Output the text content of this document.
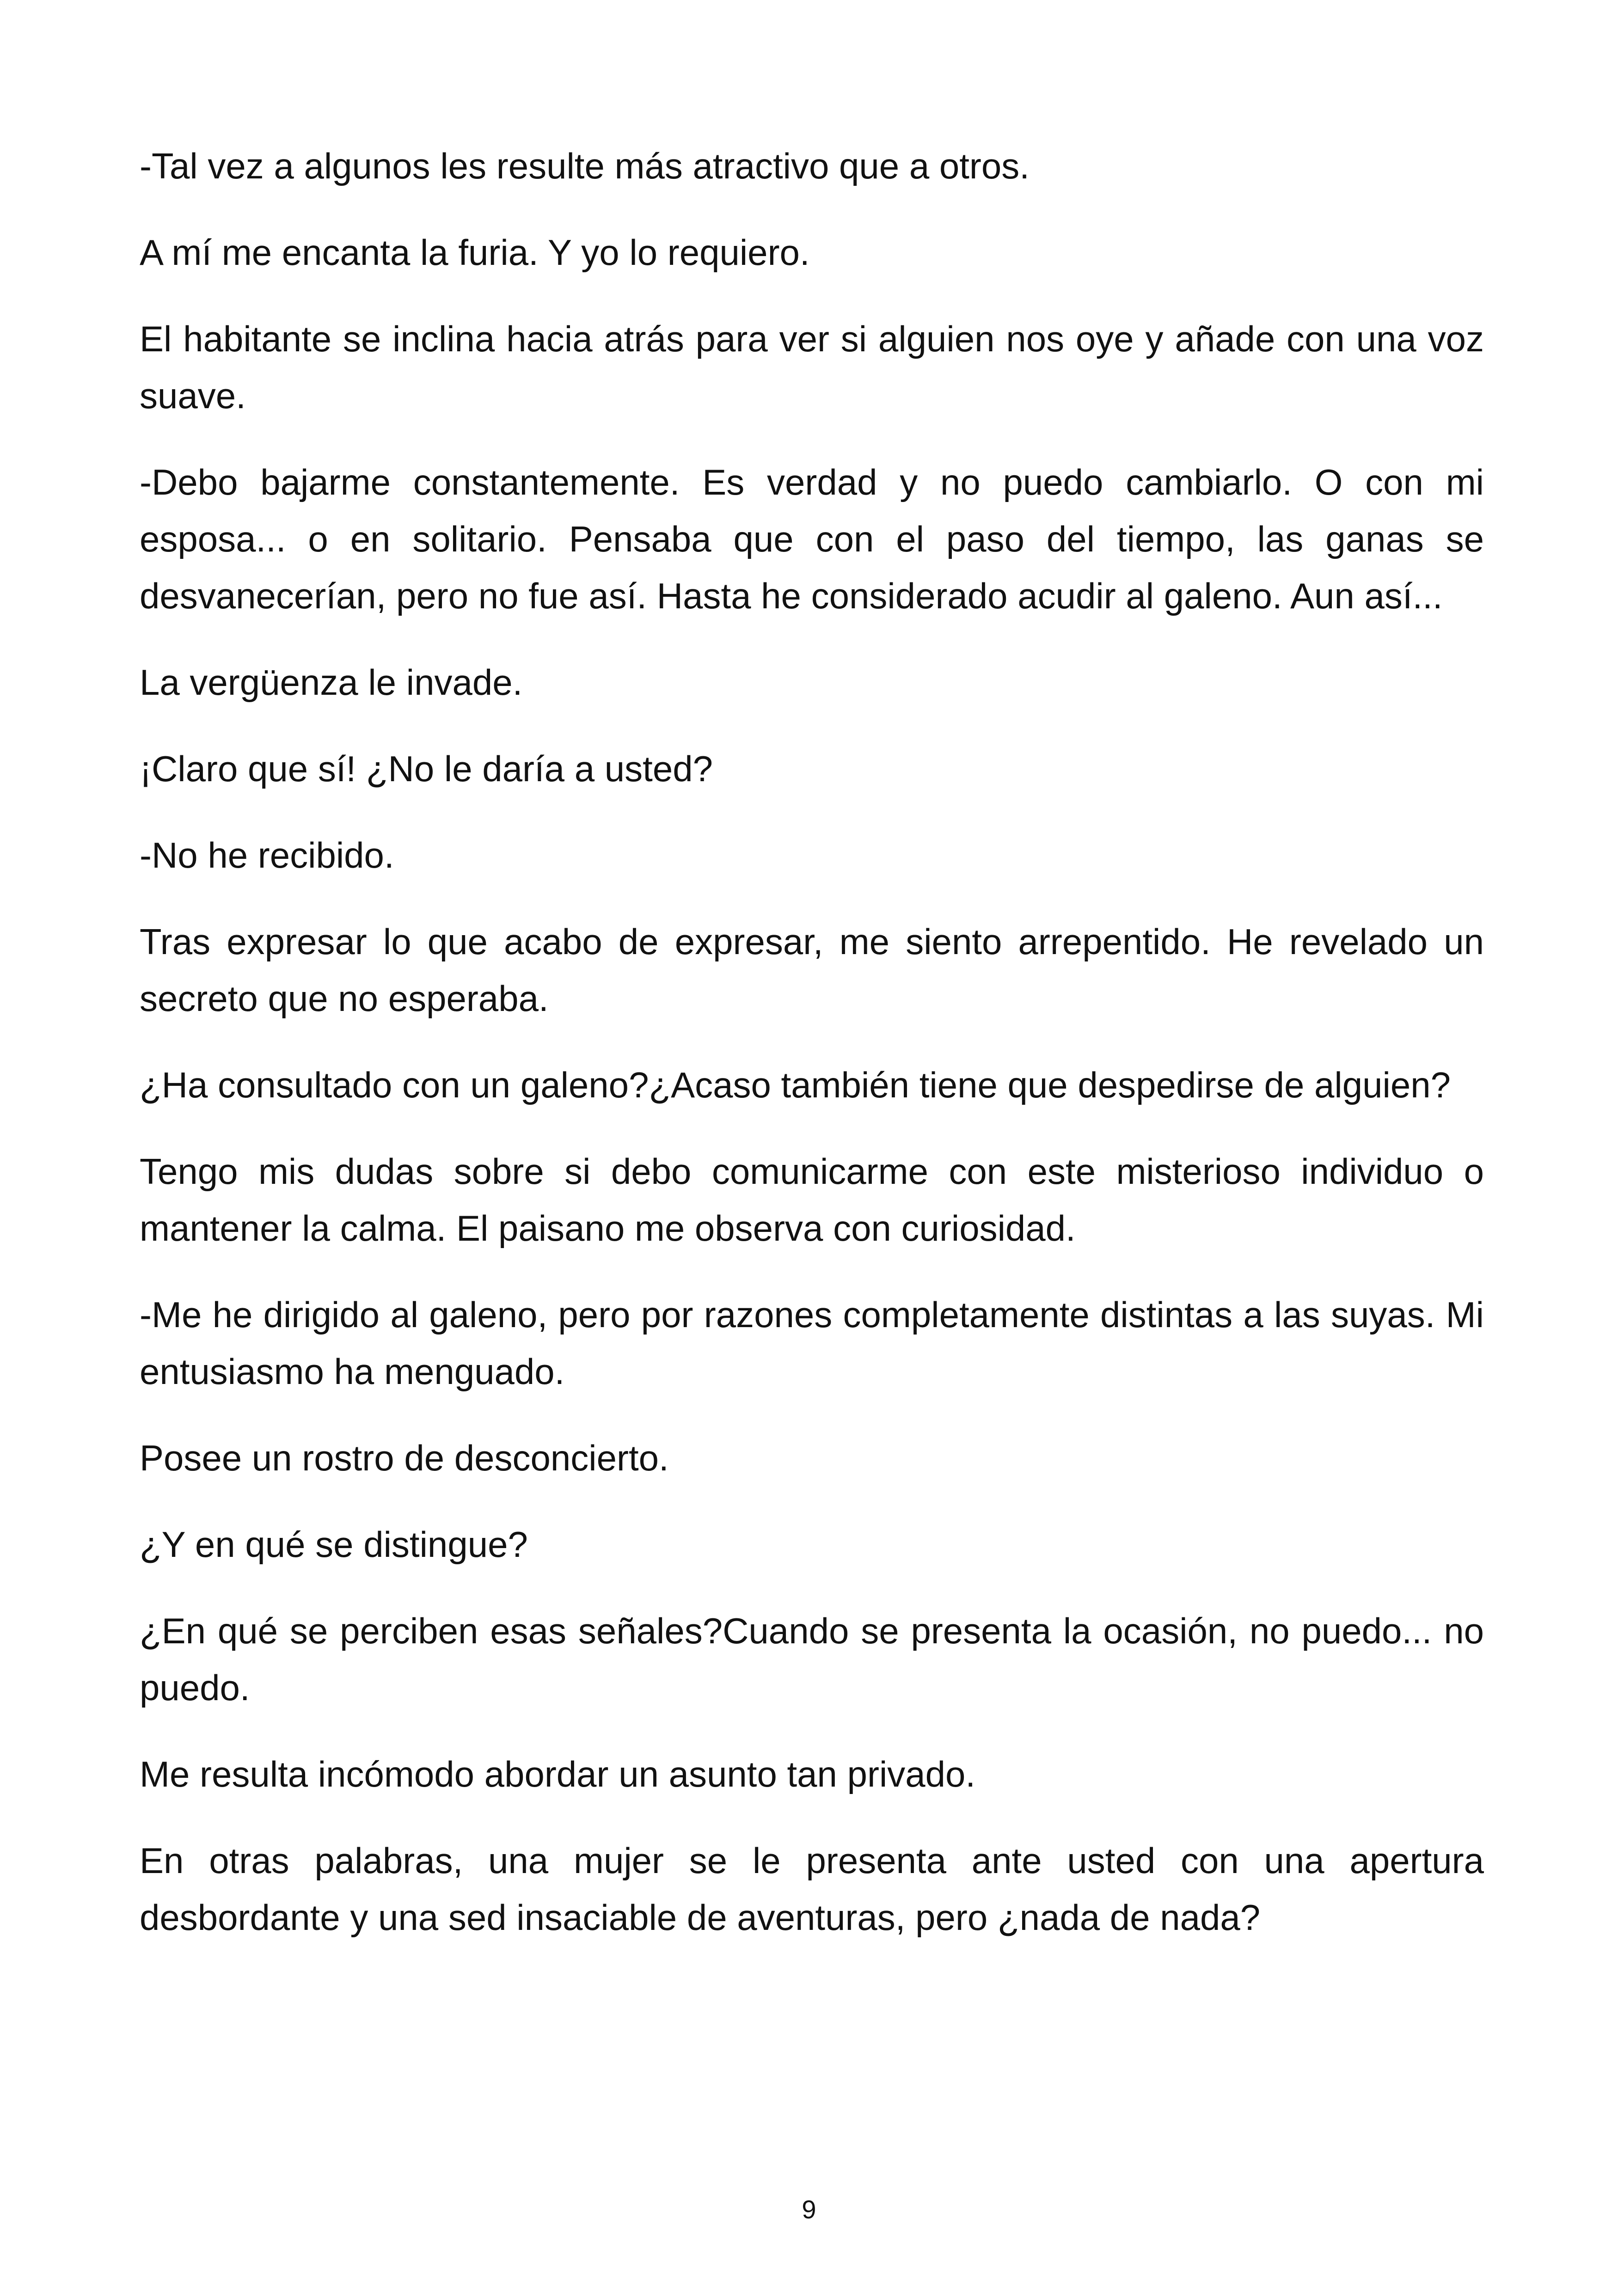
-Tal vez a algunos les resulte más atractivo que a otros.

A mí me encanta la furia. Y yo lo requiero.

El habitante se inclina hacia atrás para ver si alguien nos oye y añade con una voz suave.

-Debo bajarme constantemente. Es verdad y no puedo cambiarlo. O con mi esposa... o en solitario. Pensaba que con el paso del tiempo, las ganas se desvanecerían, pero no fue así. Hasta he considerado acudir al galeno. Aun así...

La vergüenza le invade.

¡Claro que sí! ¿No le daría a usted?

-No he recibido.

Tras expresar lo que acabo de expresar, me siento arrepentido. He revelado un secreto que no esperaba.

¿Ha consultado con un galeno?¿Acaso también tiene que despedirse de alguien?

Tengo mis dudas sobre si debo comunicarme con este misterioso individuo o mantener la calma. El paisano me observa con curiosidad.

-Me he dirigido al galeno, pero por razones completamente distintas a las suyas. Mi entusiasmo ha menguado.

Posee un rostro de desconcierto.

¿Y en qué se distingue?

¿En qué se perciben esas señales?Cuando se presenta la ocasión, no puedo... no puedo.

Me resulta incómodo abordar un asunto tan privado.

En otras palabras, una mujer se le presenta ante usted con una apertura desbordante y una sed insaciable de aventuras, pero ¿nada de nada?

9
